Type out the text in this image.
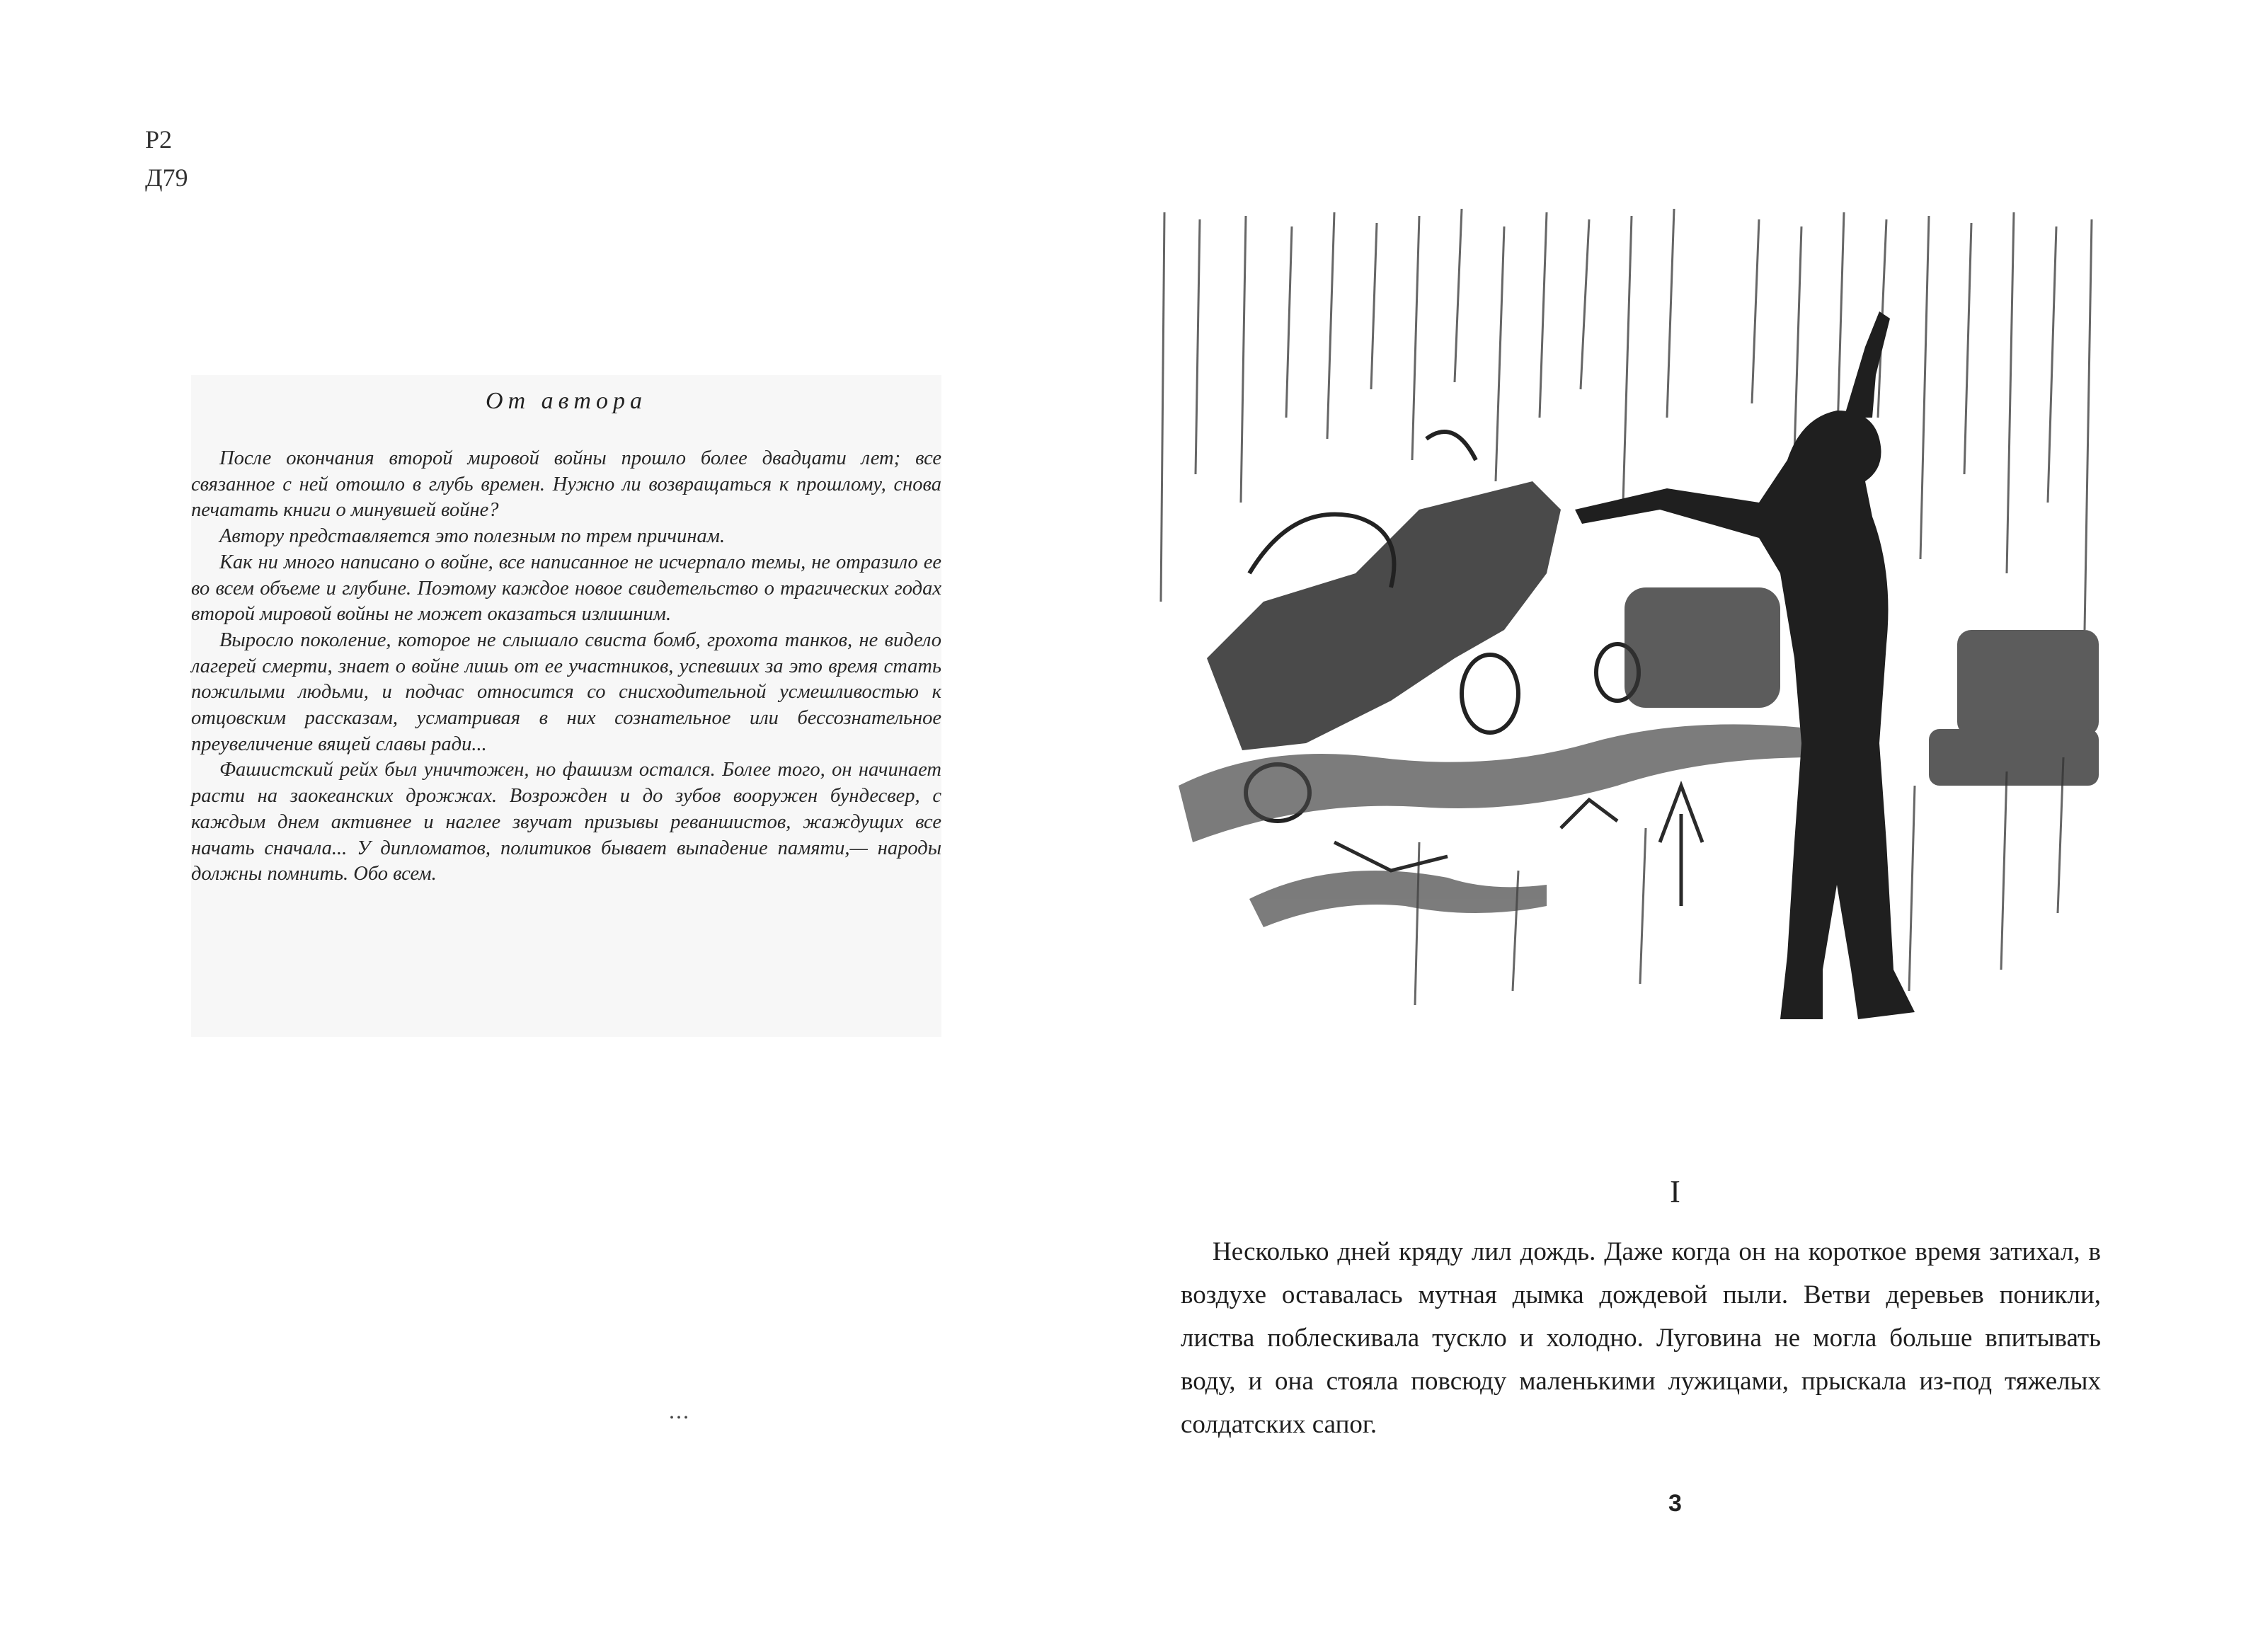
Р2
Д79
От автора

После окончания второй мировой войны прошло более двадцати лет; все связанное с ней отошло в глубь времен. Нужно ли возвращаться к прошлому, снова печатать книги о минувшей войне?

Автору представляется это полезным по трем причинам.

Как ни много написано о войне, все написанное не исчерпало темы, не отразило ее во всем объеме и глубине. Поэтому каждое новое свидетельство о трагических годах второй мировой войны не может оказаться излишним.

Выросло поколение, которое не слышало свиста бомб, грохота танков, не видело лагерей смерти, знает о войне лишь от ее участников, успевших за это время стать пожилыми людьми, и подчас относится со снисходительной усмешливостью к отцовским рассказам, усматривая в них сознательное или бессознательное преувеличение вящей славы ради...

Фашистский рейх был уничтожен, но фашизм остался. Более того, он начинает расти на заокеанских дрожжах. Возрожден и до зубов вооружен бундесвер, с каждым днем активнее и наглее звучат призывы реваншистов, жаждущих все начать сначала... У дипломатов, политиков бывает выпадение памяти,— народы должны помнить. Обо всем.

...
I

Несколько дней кряду лил дождь. Даже когда он на короткое время затихал, в воздухе оставалась мутная дымка дождевой пыли. Ветви деревьев поникли, листва поблескивала тускло и холодно. Луговина не могла больше впитывать воду, и она стояла повсюду маленькими лужицами, прыскала из-под тяжелых солдатских сапог.

3
